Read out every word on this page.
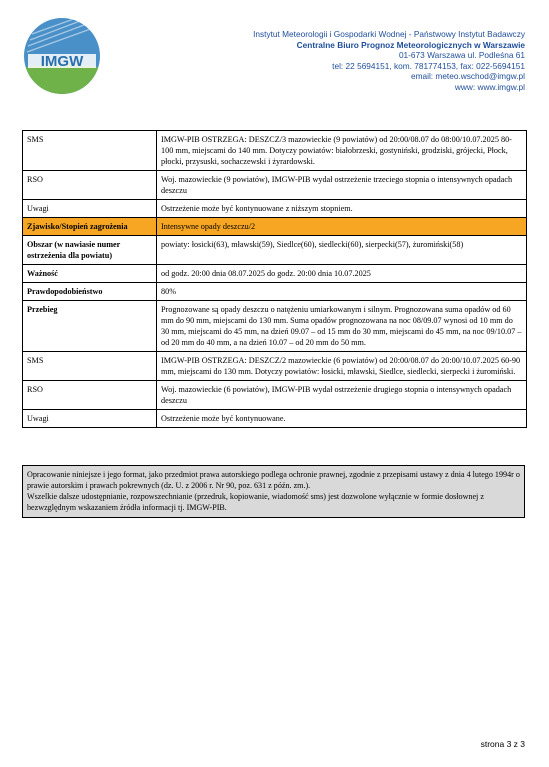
IMGW
Instytut Meteorologii i Gospodarki Wodnej - Państwowy Instytut Badawczy
Centralne Biuro Prognoz Meteorologicznych w Warszawie
01-673 Warszawa ul. Podleśna 61
tel: 22 5694151, kom. 781774153, fax: 022-5694151
email: meteo.wschod@imgw.pl
www: www.imgw.pl
SMS	IMGW-PIB OSTRZEGA: DESZCZ/3 mazowieckie (9 powiatów) od 20:00/08.07 do 08:00/10.07.2025 80-100 mm, miejscami do 140 mm. Dotyczy powiatów: białobrzeski, gostyniński, grodziski, grójecki, Płock, płocki, przysuski, sochaczewski i żyrardowski.
RSO	Woj. mazowieckie (9 powiatów), IMGW-PIB wydał ostrzeżenie trzeciego stopnia o intensywnych opadach deszczu
Uwagi	Ostrzeżenie może być kontynuowane z niższym stopniem.
Zjawisko/Stopień zagrożenia	Intensywne opady deszczu/2
Obszar (w nawiasie numer ostrzeżenia dla powiatu)	powiaty: łosicki(63), mławski(59), Siedlce(60), siedlecki(60), sierpecki(57), żuromiński(58)
Ważność	od godz. 20:00 dnia 08.07.2025 do godz. 20:00 dnia 10.07.2025
Prawdopodobieństwo	80%
Przebieg	Prognozowane są opady deszczu o natężeniu umiarkowanym i silnym. Prognozowana suma opadów od 60 mm do 90 mm, miejscami do 130 mm. Suma opadów prognozowana na noc 08/09.07 wynosi od 10 mm do 30 mm, miejscami do 45 mm, na dzień 09.07 – od 15 mm do 30 mm, miejscami do 45 mm, na noc 09/10.07 – od 20 mm do 40 mm, a na dzień 10.07 – od 20 mm do 50 mm.
SMS	IMGW-PIB OSTRZEGA: DESZCZ/2 mazowieckie (6 powiatów) od 20:00/08.07 do 20:00/10.07.2025 60-90 mm, miejscami do 130 mm. Dotyczy powiatów: łosicki, mławski, Siedlce, siedlecki, sierpecki i żuromiński.
RSO	Woj. mazowieckie (6 powiatów), IMGW-PIB wydał ostrzeżenie drugiego stopnia o intensywnych opadach deszczu
Uwagi	Ostrzeżenie może być kontynuowane.

Opracowanie niniejsze i jego format, jako przedmiot prawa autorskiego podlega ochronie prawnej, zgodnie z przepisami ustawy z dnia 4 lutego 1994r o prawie autorskim i prawach pokrewnych (dz. U. z 2006 r. Nr 90, poz. 631 z późn. zm.).

Wszelkie dalsze udostępnianie, rozpowszechnianie (przedruk, kopiowanie, wiadomość sms) jest dozwolone wyłącznie w formie dosłownej z bezwzględnym wskazaniem źródła informacji tj. IMGW-PIB.

strona 3 z 3
